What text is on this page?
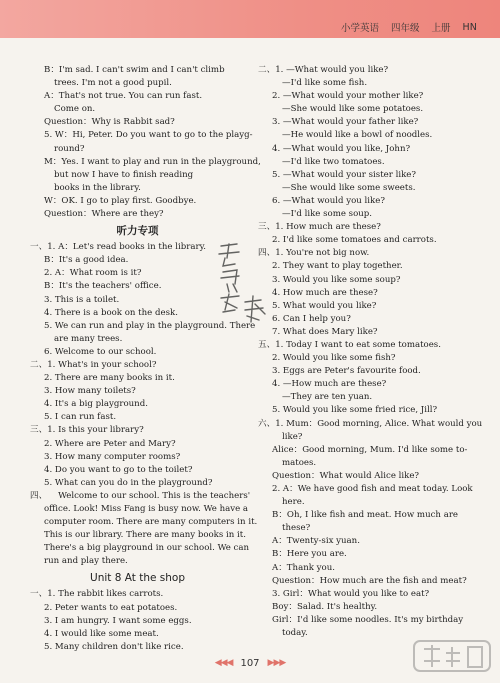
小学英语 四年级 上册 HN
B：I'm sad. I can't swim and I can't climb
trees. I'm not a good pupil.
A：That's not true. You can run fast.
Come on.
Question：Why is Rabbit sad?
5. W：Hi, Peter. Do you want to go to the playg-
round?
M：Yes. I want to play and run in the playground,
but now I have to finish reading
books in the library.
W：OK. I go to play first. Goodbye.
Question：Where are they?
听力专项
一、1. A：Let's read books in the library.
B：It's a good idea.
2. A：What room is it?
B：It's the teachers' office.
3. This is a toilet.
4. There is a book on the desk.
5. We can run and play in the playground. There
are many trees.
6. Welcome to our school.
二、1. What's in your school?
2. There are many books in it.
3. How many toilets?
4. It's a big playground.
5. I can run fast.
三、1. Is this your library?
2. Where are Peter and Mary?
3. How many computer rooms?
4. Do you want to go to the toilet?
5. What can you do in the playground?
四、    Welcome to our school. This is the teachers'
office. Look! Miss Fang is busy now. We have a
computer room. There are many computers in it.
This is our library. There are many books in it.
There's a big playground in our school. We can
run and play there.
Unit 8 At the shop
一、1. The rabbit likes carrots.
2. Peter wants to eat potatoes.
3. I am hungry. I want some eggs.
4. I would like some meat.
5. Many children don't like rice.
二、1. —What would you like?
—I'd like some fish.
2. —What would your mother like?
—She would like some potatoes.
3. —What would your father like?
—He would like a bowl of noodles.
4. —What would you like, John?
—I'd like two tomatoes.
5. —What would your sister like?
—She would like some sweets.
6. —What would you like?
—I'd like some soup.
三、1. How much are these?
2. I'd like some tomatoes and carrots.
四、1. You're not big now.
2. They want to play together.
3. Would you like some soup?
4. How much are these?
5. What would you like?
6. Can I help you?
7. What does Mary like?
五、1. Today I want to eat some tomatoes.
2. Would you like some fish?
3. Eggs are Peter's favourite food.
4. —How much are these?
—They are ten yuan.
5. Would you like some fried rice, Jill?
六、1. Mum：Good morning, Alice. What would you
like?
Alice：Good morning, Mum. I'd like some to-
matoes.
Question：What would Alice like?
2. A：We have good fish and meat today. Look
here.
B：Oh, I like fish and meat. How much are
these?
A：Twenty-six yuan.
B：Here you are.
A：Thank you.
Question：How much are the fish and meat?
3. Girl：What would you like to eat?
Boy：Salad. It's healthy.
Girl：I'd like some noodles. It's my birthday
today.
◀◀◀ 107 ▶▶▶
